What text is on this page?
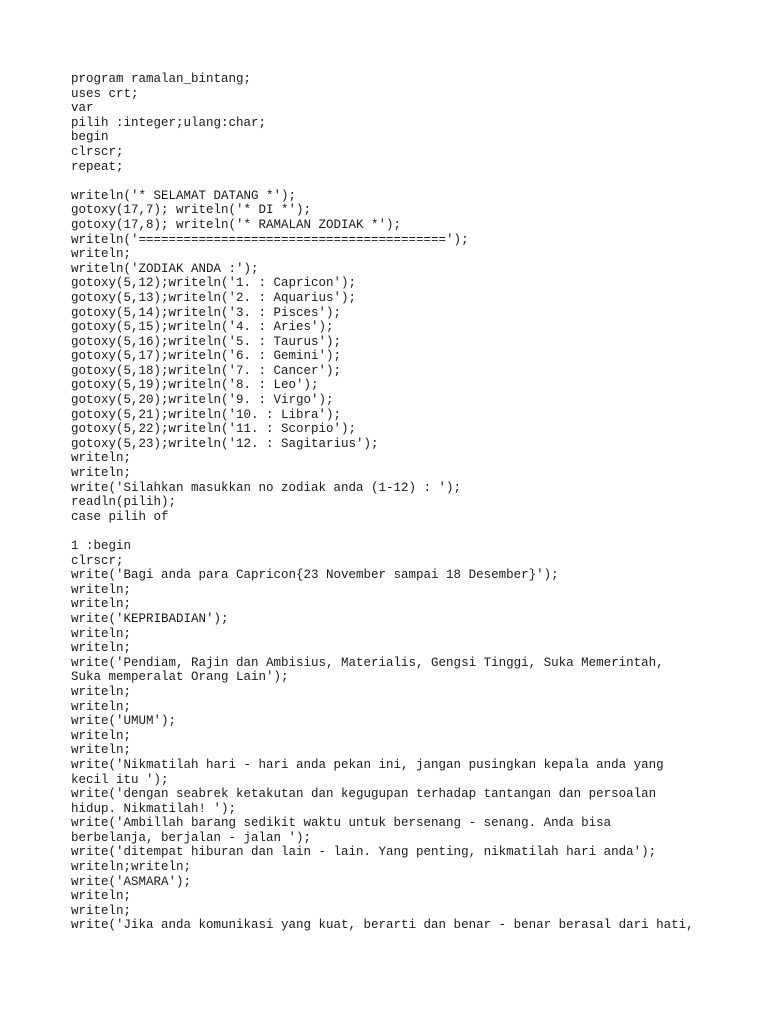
program ramalan_bintang;
uses crt;
var
pilih :integer;ulang:char;
begin
clrscr;
repeat;
writeln('* SELAMAT DATANG *');
gotoxy(17,7); writeln('* DI *');
gotoxy(17,8); writeln('* RAMALAN ZODIAK *');
writeln('=========================================');
writeln;
writeln('ZODIAK ANDA :');
gotoxy(5,12);writeln('1. : Capricon');
gotoxy(5,13);writeln('2. : Aquarius');
gotoxy(5,14);writeln('3. : Pisces');
gotoxy(5,15);writeln('4. : Aries');
gotoxy(5,16);writeln('5. : Taurus');
gotoxy(5,17);writeln('6. : Gemini');
gotoxy(5,18);writeln('7. : Cancer');
gotoxy(5,19);writeln('8. : Leo');
gotoxy(5,20);writeln('9. : Virgo');
gotoxy(5,21);writeln('10. : Libra');
gotoxy(5,22);writeln('11. : Scorpio');
gotoxy(5,23);writeln('12. : Sagitarius');
writeln;
writeln;
write('Silahkan masukkan no zodiak anda (1-12) : ');
readln(pilih);
case pilih of
1 :begin
clrscr;
write('Bagi anda para Capricon{23 November sampai 18 Desember}');
writeln;
writeln;
write('KEPRIBADIAN');
writeln;
writeln;
write('Pendiam, Rajin dan Ambisius, Materialis, Gengsi Tinggi, Suka Memerintah,
Suka memperalat Orang Lain');
writeln;
writeln;
write('UMUM');
writeln;
writeln;
write('Nikmatilah hari - hari anda pekan ini, jangan pusingkan kepala anda yang
kecil itu ');
write('dengan seabrek ketakutan dan kegugupan terhadap tantangan dan persoalan
hidup. Nikmatilah! ');
write('Ambillah barang sedikit waktu untuk bersenang - senang. Anda bisa
berbelanja, berjalan - jalan ');
write('ditempat hiburan dan lain - lain. Yang penting, nikmatilah hari anda');
writeln;writeln;
write('ASMARA');
writeln;
writeln;
write('Jika anda komunikasi yang kuat, berarti dan benar - benar berasal dari hati,
